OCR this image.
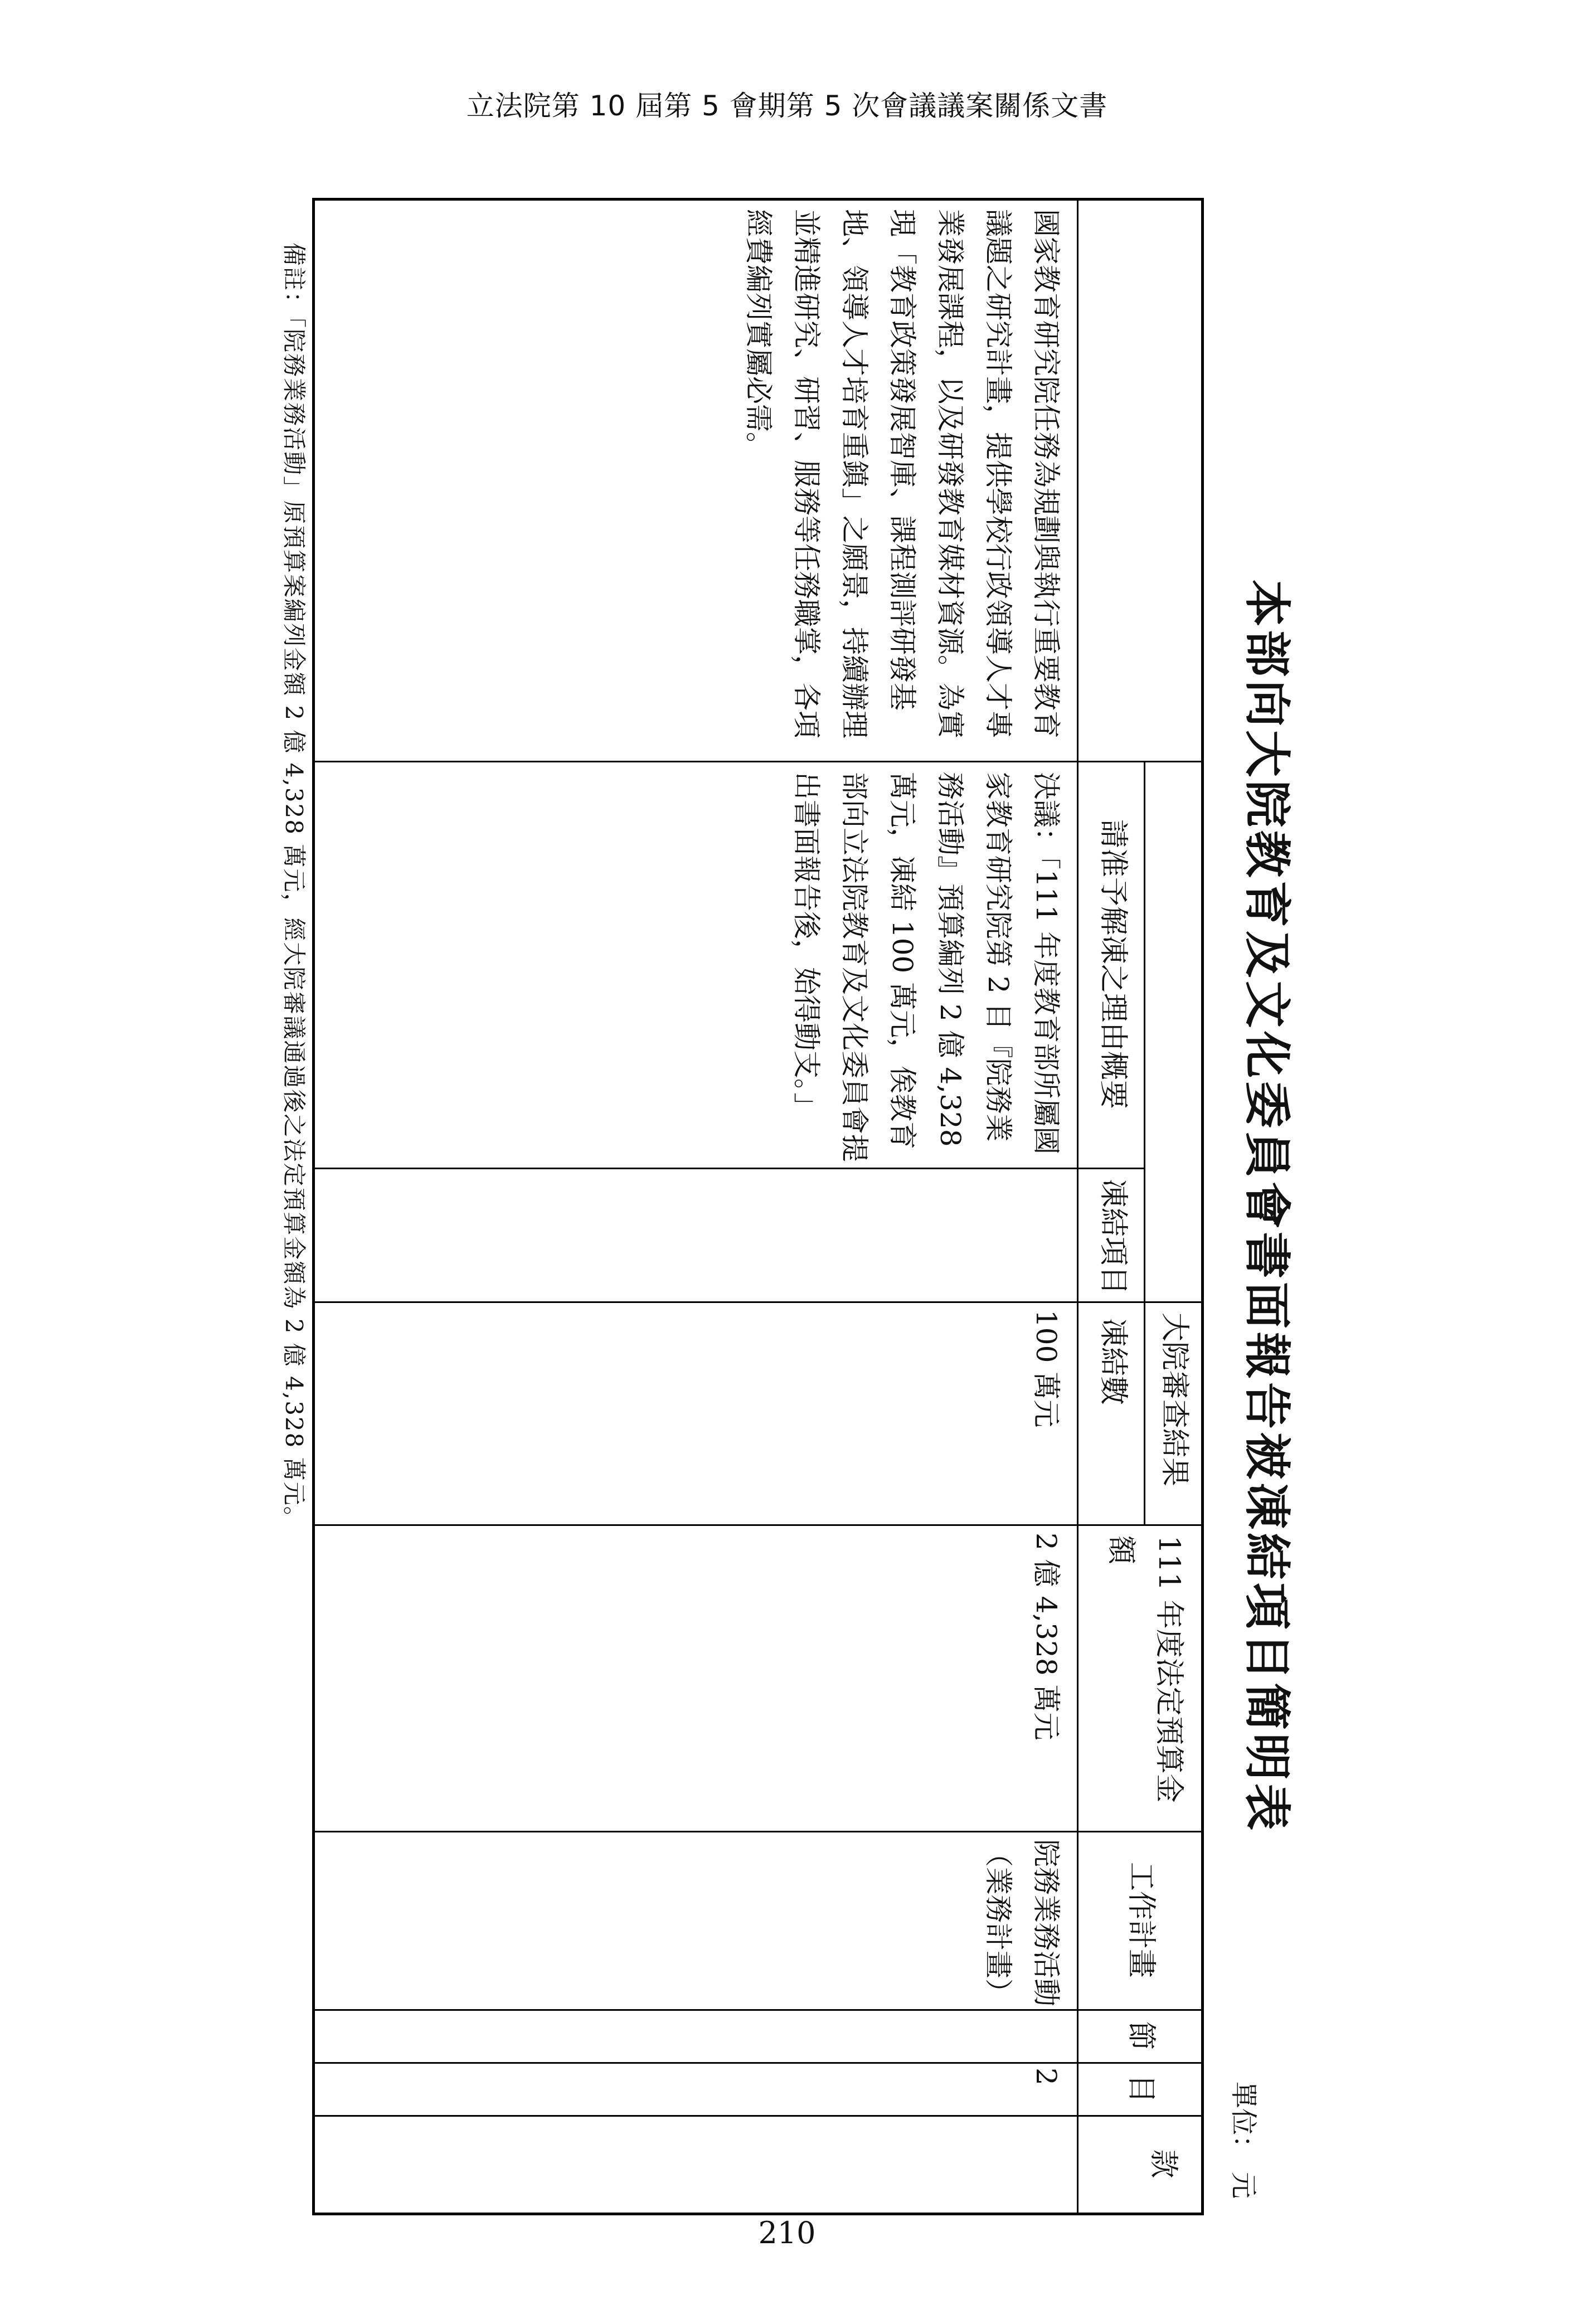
立法院第 10 屆第 5 會期第 5 次會議議案關係文書
本部向大院教育及文化委員會書面報告被凍結項目簡明表
單位：
元
款
目
節
工作計畫
111 年度法定預算金額
大院審查結果
凍結數
凍結項目
請准予解凍之理由概要
2
院務業務活動（業務計畫）
2 億 4,328 萬元
100 萬元
決議：「111 年度教育部所屬國家教育研究院第 2 目『院務業務活動』預算編列 2 億 4,328 萬元，凍結 100 萬元，俟教育部向立法院教育及文化委員會提出書面報告後，始得動支。」
國家教育研究院任務為規劃與執行重要教育議題之研究計畫，提供學校行政領導人才專業發展課程，以及研發教育媒材資源。為實現「教育政策發展智庫、課程測評研發基地、領導人才培育重鎮」之願景，持續辦理並精進研究、研習、服務等任務職掌，各項經費編列實屬必需。
備註：「院務業務活動」原預算案編列金額 2 億 4,328 萬元，經大院審議通過後之法定預算金額為 2 億 4,328 萬元。
210
